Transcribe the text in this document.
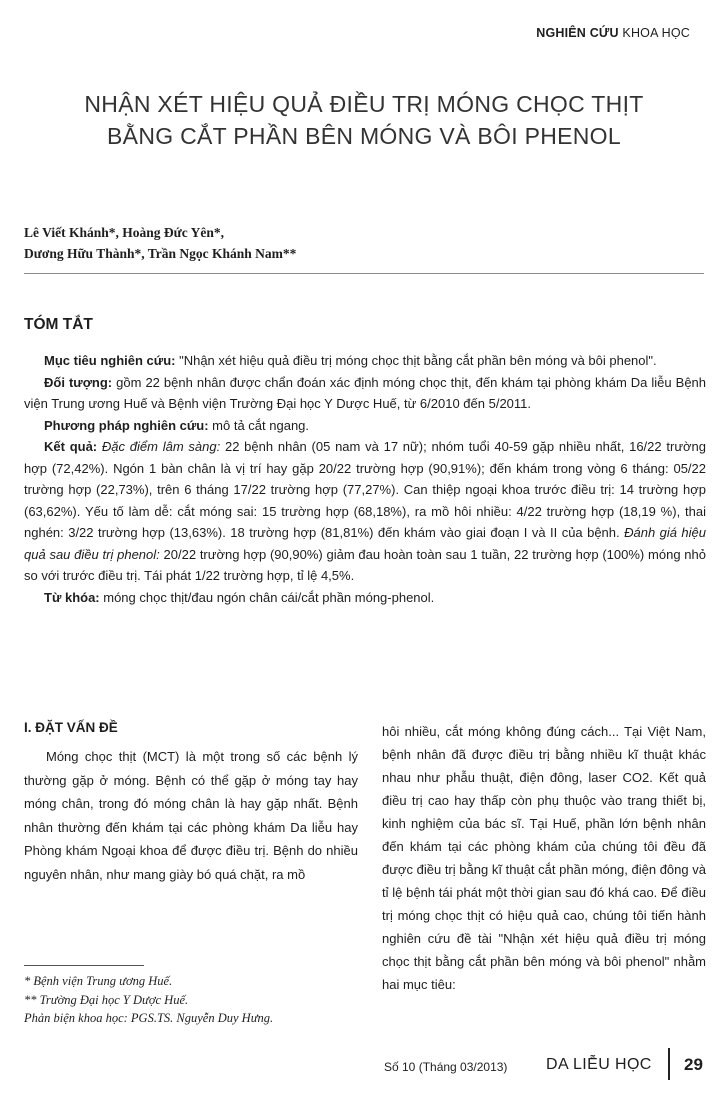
NGHIÊN CỨU KHOA HỌC
NHẬN XÉT HIỆU QUẢ ĐIỀU TRỊ MÓNG CHỌC THỊT
BẰNG CẮT PHẦN BÊN MÓNG VÀ BÔI PHENOL
Lê Viết Khánh*, Hoàng Đức Yên*,
Dương Hữu Thành*, Trần Ngọc Khánh Nam**
TÓM TẮT

Mục tiêu nghiên cứu: "Nhận xét hiệu quả điều trị móng chọc thịt bằng cắt phần bên móng và bôi phenol".

Đối tượng: gồm 22 bệnh nhân được chẩn đoán xác định móng chọc thịt, đến khám tại phòng khám Da liễu Bệnh viện Trung ương Huế và Bệnh viện Trường Đại học Y Dược Huế, từ 6/2010 đến 5/2011.

Phương pháp nghiên cứu: mô tả cắt ngang.

Kết quả: Đặc điểm lâm sàng: 22 bệnh nhân (05 nam và 17 nữ); nhóm tuổi 40-59 gặp nhiều nhất, 16/22 trường hợp (72,42%). Ngón 1 bàn chân là vị trí hay gặp 20/22 trường hợp (90,91%); đến khám trong vòng 6 tháng: 05/22 trường hợp (22,73%), trên 6 tháng 17/22 trường hợp (77,27%). Can thiệp ngoại khoa trước điều trị: 14 trường hợp (63,62%). Yếu tố làm dễ: cắt móng sai: 15 trường hợp (68,18%), ra mồ hôi nhiều: 4/22 trường hợp (18,19 %), thai nghén: 3/22 trường hợp (13,63%). 18 trường hợp (81,81%) đến khám vào giai đoạn I và II của bệnh. Đánh giá hiệu quả sau điều trị phenol: 20/22 trường hợp (90,90%) giảm đau hoàn toàn sau 1 tuần, 22 trường hợp (100%) móng nhỏ so với trước điều trị. Tái phát 1/22 trường hợp, tỉ lệ 4,5%.

Từ khóa: móng chọc thịt/đau ngón chân cái/cắt phần móng-phenol.

I. ĐẶT VẤN ĐỀ

Móng chọc thịt (MCT) là một trong số các bệnh lý thường gặp ở móng. Bệnh có thể gặp ở móng tay hay móng chân, trong đó móng chân là hay gặp nhất. Bệnh nhân thường đến khám tại các phòng khám Da liễu hay Phòng khám Ngoại khoa để được điều trị. Bệnh do nhiều nguyên nhân, như mang giày bó quá chặt, ra mồ

* Bệnh viện Trung ương Huế.
** Trường Đại học Y Dược Huế.
Phản biện khoa học: PGS.TS. Nguyễn Duy Hưng.

hôi nhiều, cắt móng không đúng cách... Tại Việt Nam, bệnh nhân đã được điều trị bằng nhiều kĩ thuật khác nhau như phẫu thuật, điện đông, laser CO2. Kết quả điều trị cao hay thấp còn phụ thuộc vào trang thiết bị, kinh nghiệm của bác sĩ. Tại Huế, phần lớn bệnh nhân đến khám tại các phòng khám của chúng tôi đều đã được điều trị bằng kĩ thuật cắt phần móng, điện đông và tỉ lệ bệnh tái phát một thời gian sau đó khá cao. Để điều trị móng chọc thịt có hiệu quả cao, chúng tôi tiến hành nghiên cứu đề tài "Nhận xét hiệu quả điều trị móng chọc thịt bằng cắt phần bên móng và bôi phenol" nhằm hai mục tiêu:

Số 10 (Tháng 03/2013) DA LIỄU HỌC 29
